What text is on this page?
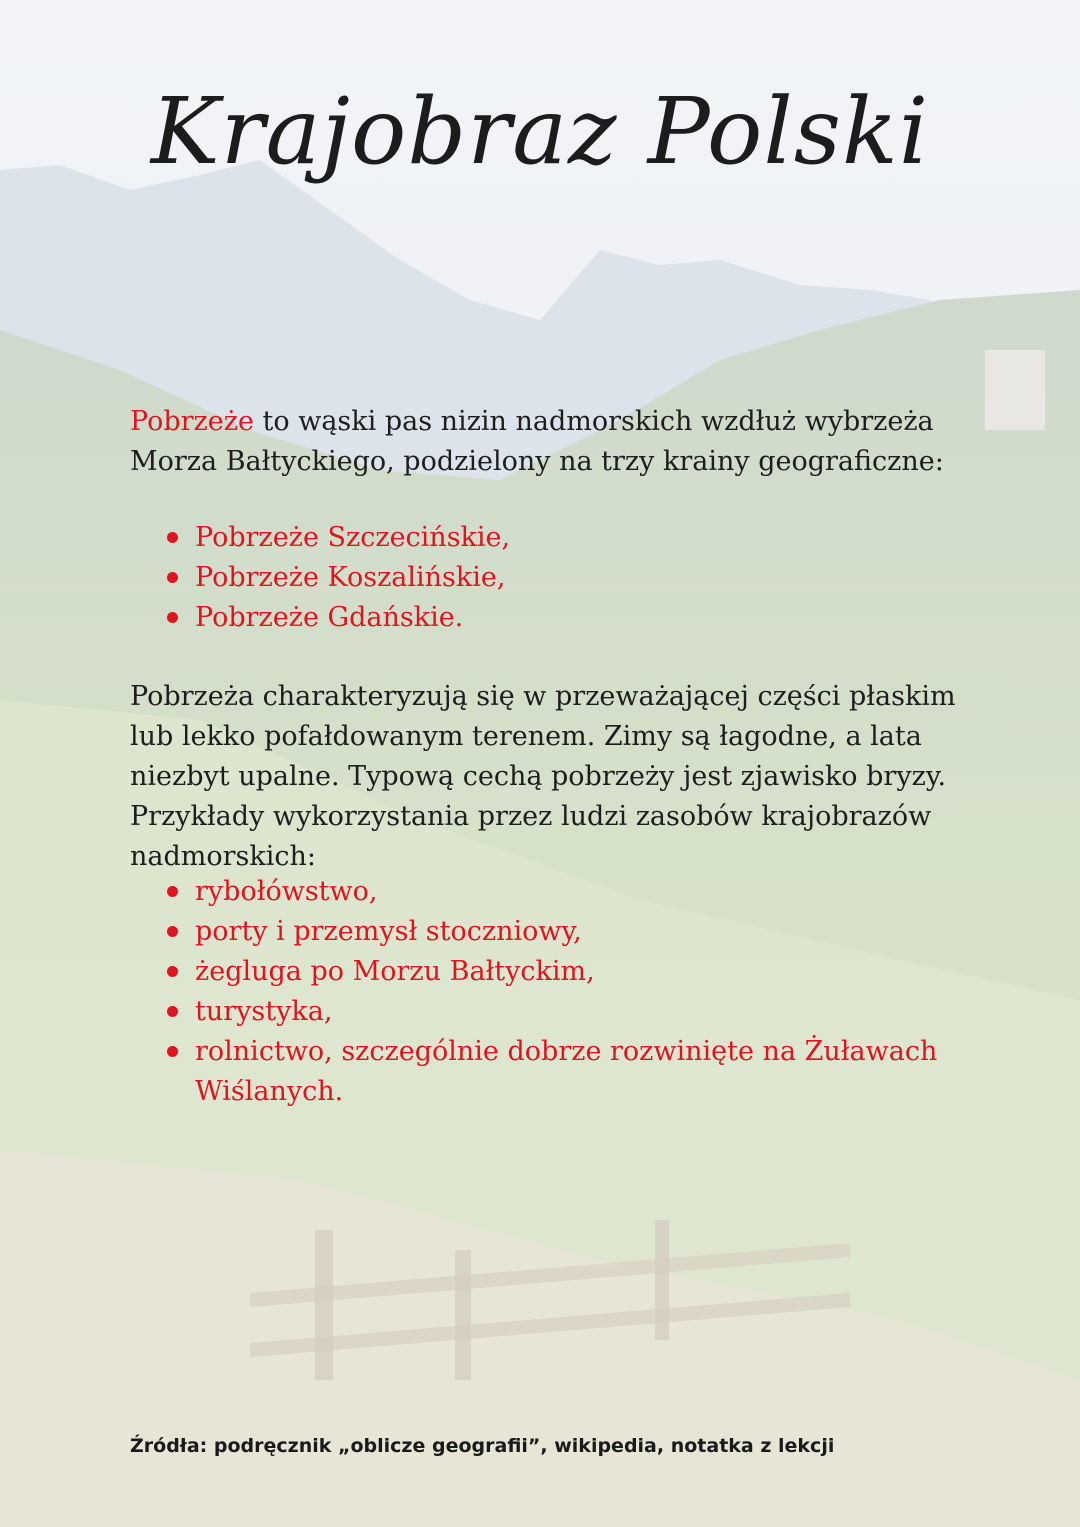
Krajobraz Polski

Pobrzeże to wąski pas nizin nadmorskich wzdłuż wybrzeża Morza Bałtyckiego, podzielony na trzy krainy geograficzne:

Pobrzeże Szczecińskie,
Pobrzeże Koszalińskie,
Pobrzeże Gdańskie.

Pobrzeża charakteryzują się w przeważającej części płaskim lub lekko pofałdowanym terenem. Zimy są łagodne, a lata niezbyt upalne. Typową cechą pobrzeży jest zjawisko bryzy. Przykłady wykorzystania przez ludzi zasobów krajobrazów nadmorskich:

rybołówstwo,
porty i przemysł stoczniowy,
żegluga po Morzu Bałtyckim,
turystyka,
rolnictwo, szczególnie dobrze rozwinięte na Żuławach Wiślanych.
Źródła: podręcznik „oblicze geografii”, wikipedia, notatka z lekcji
